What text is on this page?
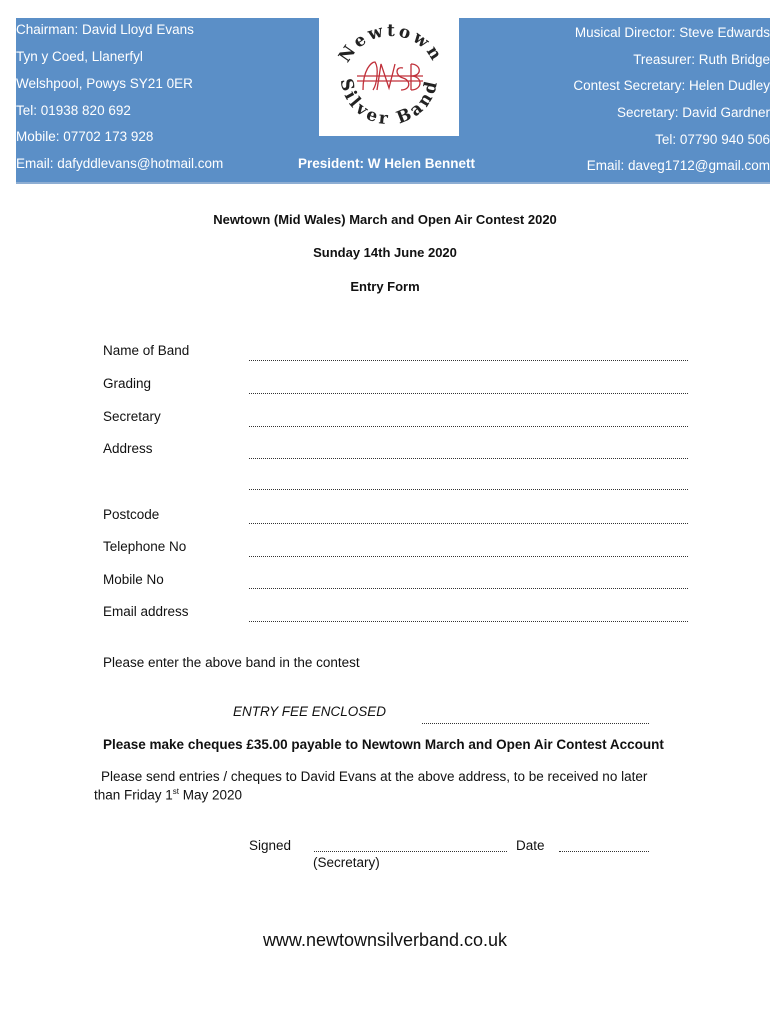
Chairman: David Lloyd Evans
Tyn y Coed, Llanerfyl
Welshpool, Powys SY21 0ER
Tel: 01938 820 692
Mobile: 07702 173 928
Email: dafyddlevans@hotmail.com
Newtown
Silver Band
President: W Helen Bennett
Musical Director: Steve Edwards
Treasurer: Ruth Bridge
Contest Secretary: Helen Dudley
Secretary: David Gardner
Tel: 07790 940 506
Email: daveg1712@gmail.com
Newtown (Mid Wales) March and Open Air Contest 2020
Sunday 14th June 2020
Entry Form
Name of Band
Grading
Secretary
Address
Postcode
Telephone No
Mobile No
Email address
Please enter the above band in the contest
ENTRY FEE ENCLOSED
Please make cheques £35.00 payable to Newtown March and Open Air Contest Account
Please send entries / cheques to David Evans at the above address, to be received no later
than Friday 1st May 2020
Signed	Date
(Secretary)
www.newtownsilverband.co.uk
